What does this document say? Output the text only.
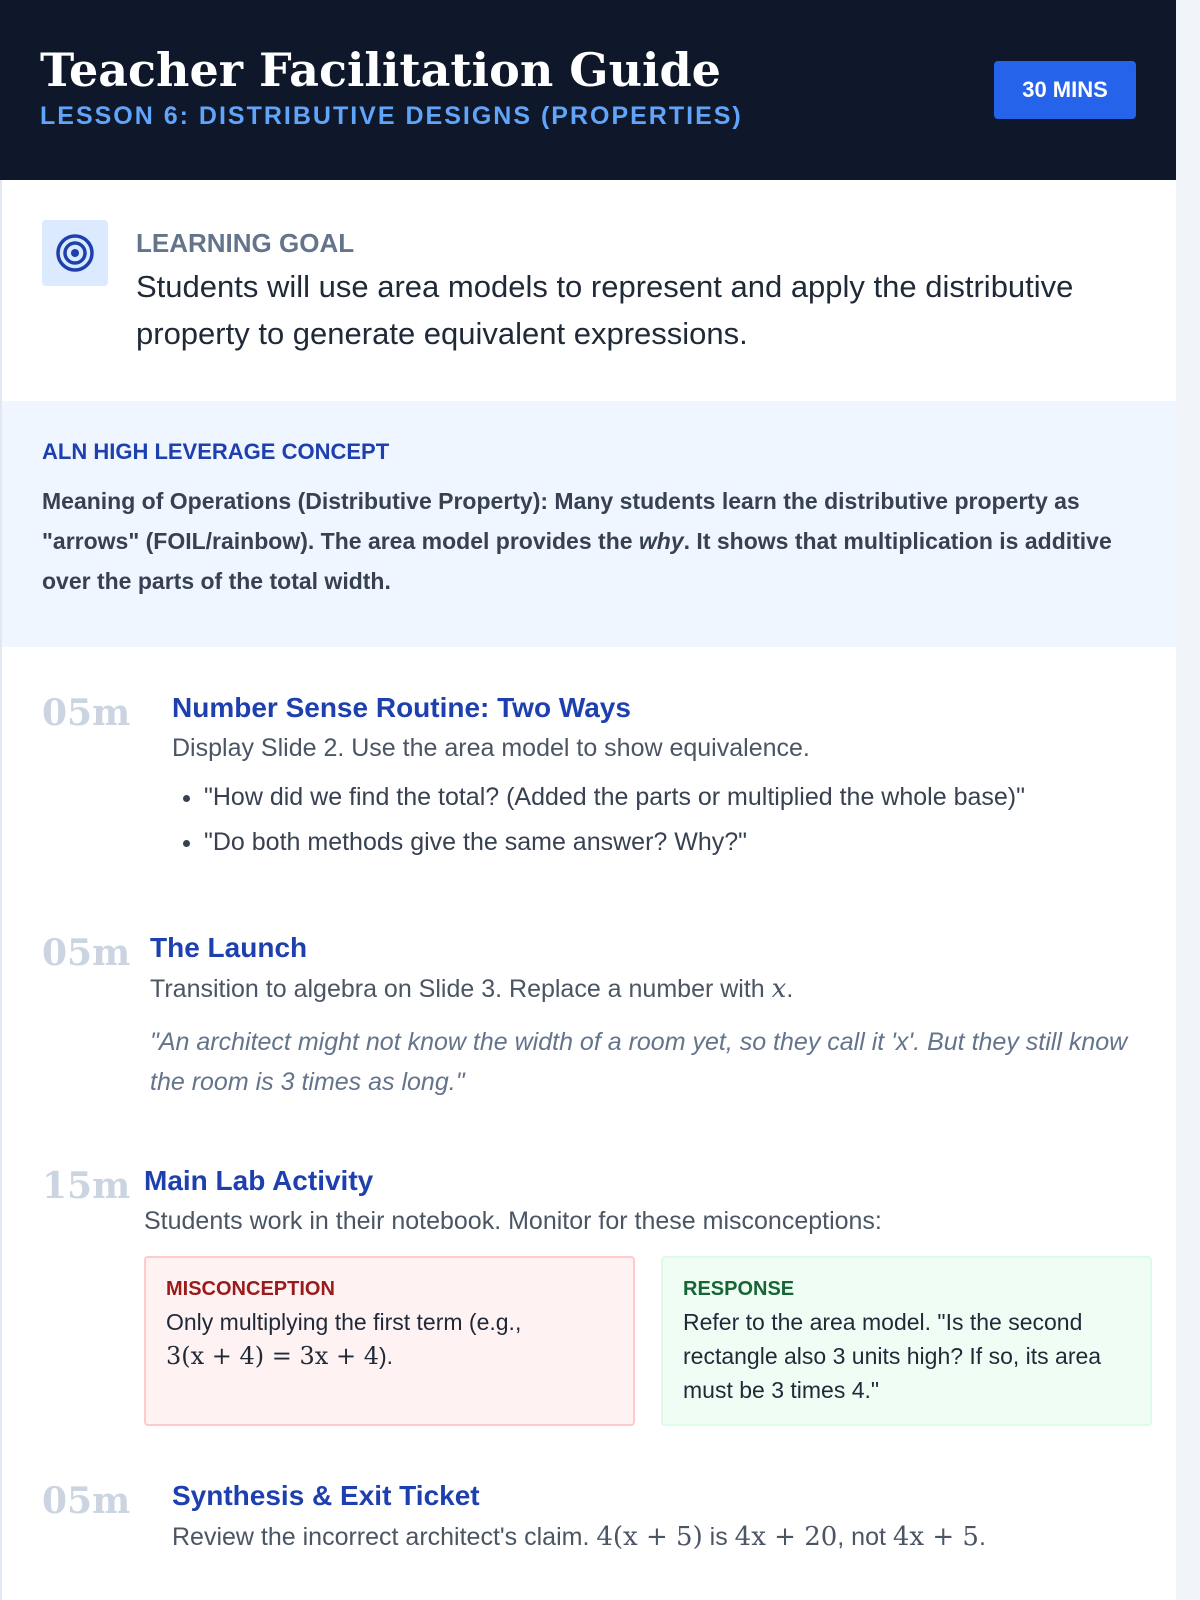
Teacher Facilitation Guide
LESSON 6: DISTRIBUTIVE DESIGNS (PROPERTIES)
30 MINS
LEARNING GOAL
Students will use area models to represent and apply the distributive property to generate equivalent expressions.
ALN HIGH LEVERAGE CONCEPT
Meaning of Operations (Distributive Property): Many students learn the distributive property as "arrows" (FOIL/rainbow). The area model provides the why. It shows that multiplication is additive over the parts of the total width.
05m Number Sense Routine: Two Ways
Display Slide 2. Use the area model to show equivalence.
• "How did we find the total? (Added the parts or multiplied the whole base)"
• "Do both methods give the same answer? Why?"
05m The Launch
Transition to algebra on Slide 3. Replace a number with x.
"An architect might not know the width of a room yet, so they call it 'x'. But they still know the room is 3 times as long."
15m Main Lab Activity
Students work in their notebook. Monitor for these misconceptions:
MISCONCEPTION
Only multiplying the first term (e.g.,
3(x + 4) = 3x + 4).
RESPONSE
Refer to the area model. "Is the second rectangle also 3 units high? If so, its area must be 3 times 4."
05m Synthesis & Exit Ticket
Review the incorrect architect's claim. 4(x + 5) is 4x + 20, not 4x + 5.
